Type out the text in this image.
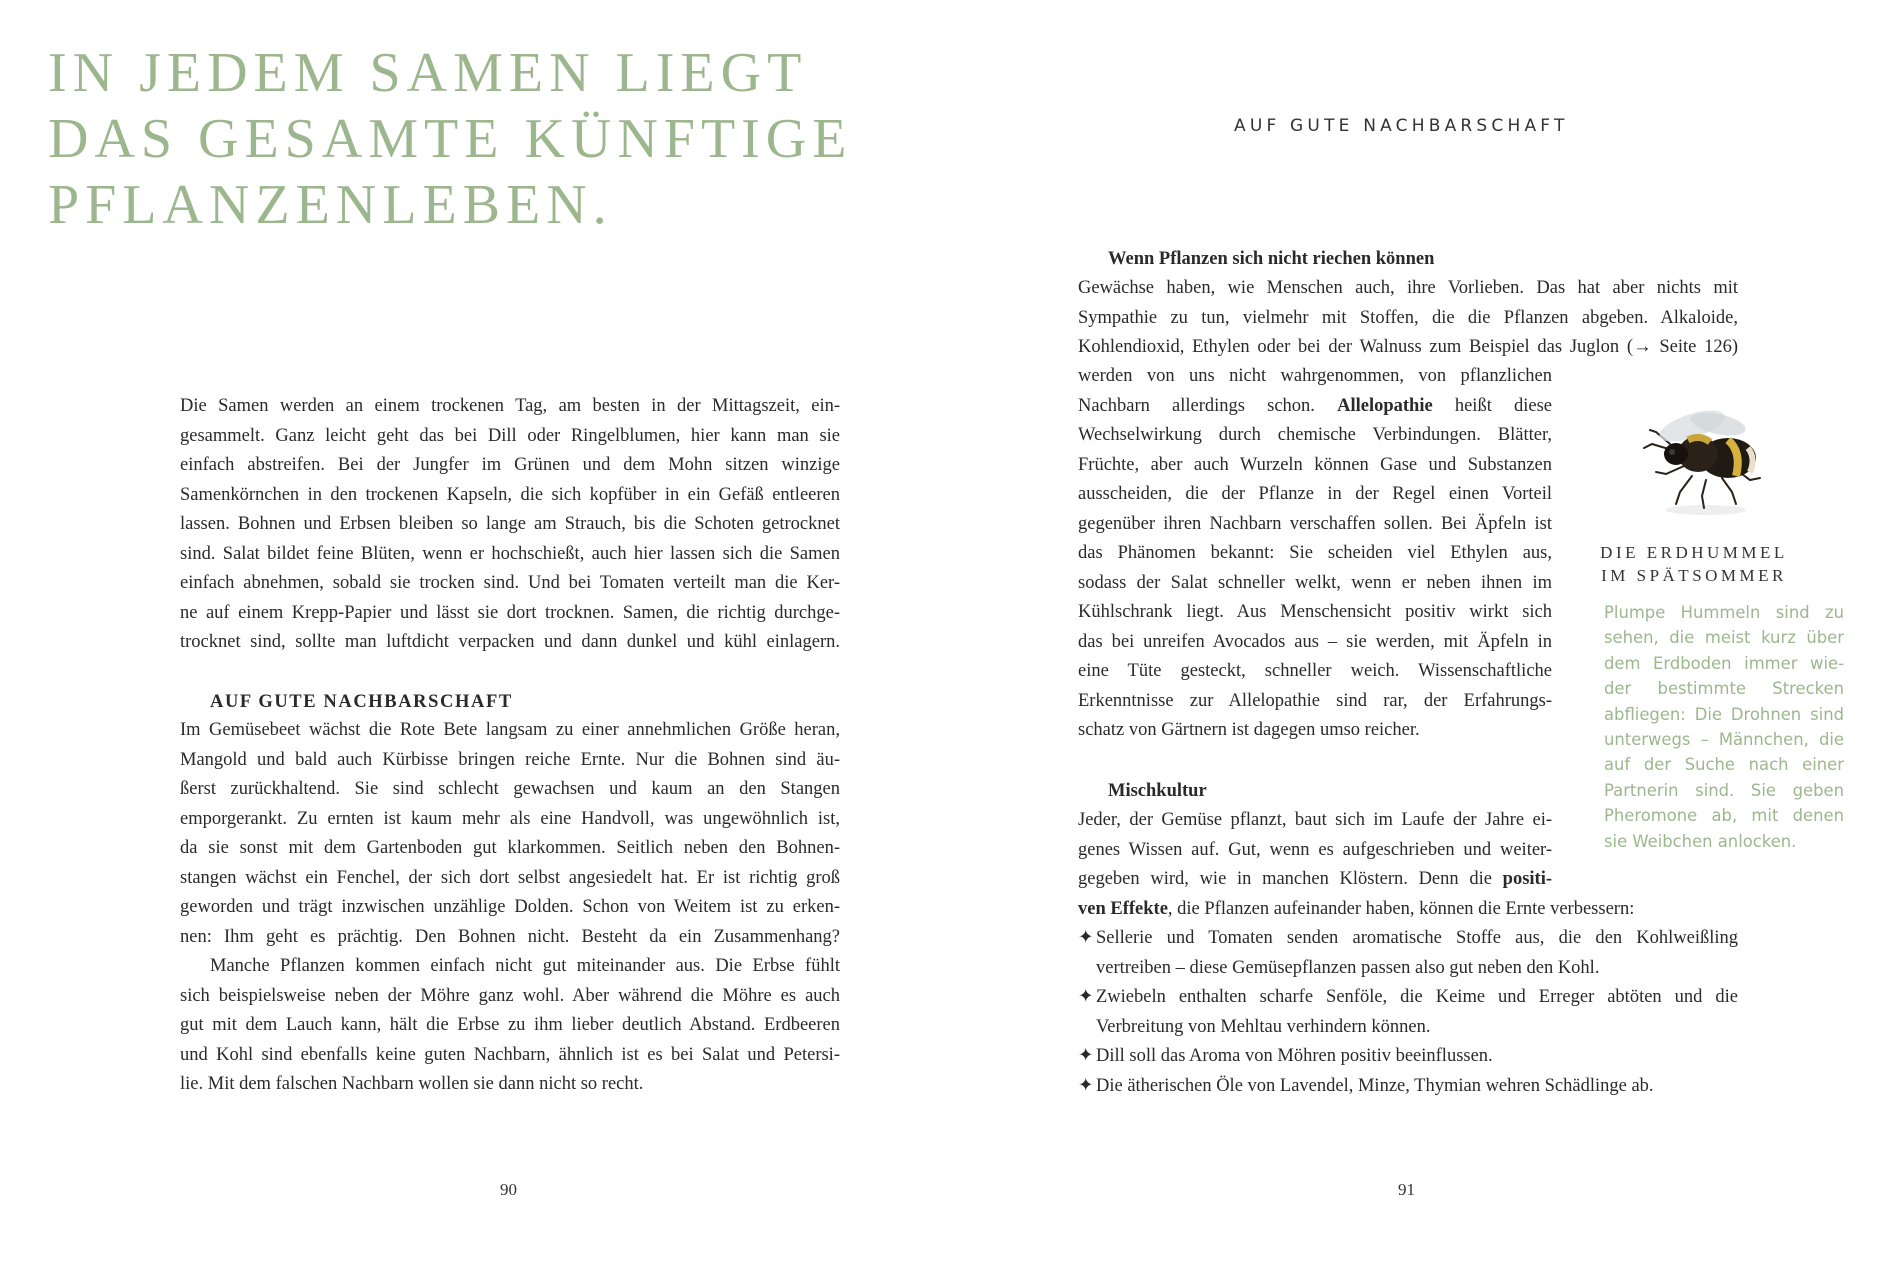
IN JEDEM SAMEN LIEGT
DAS GESAMTE KÜNFTIGE
PFLANZENLEBEN.
Die Samen werden an einem trockenen Tag, am besten in der Mittagszeit, ein-
gesammelt. Ganz leicht geht das bei Dill oder Ringelblumen, hier kann man sie
einfach abstreifen. Bei der Jungfer im Grünen und dem Mohn sitzen winzige
Samenkörnchen in den trockenen Kapseln, die sich kopfüber in ein Gefäß entleeren
lassen. Bohnen und Erbsen bleiben so lange am Strauch, bis die Schoten getrocknet
sind. Salat bildet feine Blüten, wenn er hochschießt, auch hier lassen sich die Samen
einfach abnehmen, sobald sie trocken sind. Und bei Tomaten verteilt man die Ker-
ne auf einem Krepp-Papier und lässt sie dort trocknen. Samen, die richtig durchge-
trocknet sind, sollte man luftdicht verpacken und dann dunkel und kühl einlagern.
AUF GUTE NACHBARSCHAFT
Im Gemüsebeet wächst die Rote Bete langsam zu einer annehmlichen Größe heran,
Mangold und bald auch Kürbisse bringen reiche Ernte. Nur die Bohnen sind äu-
ßerst zurückhaltend. Sie sind schlecht gewachsen und kaum an den Stangen
emporgerankt. Zu ernten ist kaum mehr als eine Handvoll, was ungewöhnlich ist,
da sie sonst mit dem Gartenboden gut klarkommen. Seitlich neben den Bohnen-
stangen wächst ein Fenchel, der sich dort selbst angesiedelt hat. Er ist richtig groß
geworden und trägt inzwischen unzählige Dolden. Schon von Weitem ist zu erken-
nen: Ihm geht es prächtig. Den Bohnen nicht. Besteht da ein Zusammenhang?
Manche Pflanzen kommen einfach nicht gut miteinander aus. Die Erbse fühlt
sich beispielsweise neben der Möhre ganz wohl. Aber während die Möhre es auch
gut mit dem Lauch kann, hält die Erbse zu ihm lieber deutlich Abstand. Erdbeeren
und Kohl sind ebenfalls keine guten Nachbarn, ähnlich ist es bei Salat und Petersi-
lie. Mit dem falschen Nachbarn wollen sie dann nicht so recht.
90
AUF GUTE NACHBARSCHAFT
Wenn Pflanzen sich nicht riechen können
Gewächse haben, wie Menschen auch, ihre Vorlieben. Das hat aber nichts mit
Sympathie zu tun, vielmehr mit Stoffen, die die Pflanzen abgeben. Alkaloide,
Kohlendioxid, Ethylen oder bei der Walnuss zum Beispiel das Juglon (→ Seite 126)
werden von uns nicht wahrgenommen, von pflanzlichen
Nachbarn allerdings schon. Allelopathie heißt diese
Wechselwirkung durch chemische Verbindungen. Blätter,
Früchte, aber auch Wurzeln können Gase und Substanzen
ausscheiden, die der Pflanze in der Regel einen Vorteil
gegenüber ihren Nachbarn verschaffen sollen. Bei Äpfeln ist
das Phänomen bekannt: Sie scheiden viel Ethylen aus,
sodass der Salat schneller welkt, wenn er neben ihnen im
Kühlschrank liegt. Aus Menschensicht positiv wirkt sich
das bei unreifen Avocados aus – sie werden, mit Äpfeln in
eine Tüte gesteckt, schneller weich. Wissenschaftliche
Erkenntnisse zur Allelopathie sind rar, der Erfahrungs-
schatz von Gärtnern ist dagegen umso reicher.
Mischkultur
Jeder, der Gemüse pflanzt, baut sich im Laufe der Jahre ei-
genes Wissen auf. Gut, wenn es aufgeschrieben und weiter-
gegeben wird, wie in manchen Klöstern. Denn die positi-
ven Effekte, die Pflanzen aufeinander haben, können die Ernte verbessern:
✦ Sellerie und Tomaten senden aromatische Stoffe aus, die den Kohlweißling
vertreiben – diese Gemüsepflanzen passen also gut neben den Kohl.
✦ Zwiebeln enthalten scharfe Senföle, die Keime und Erreger abtöten und die
Verbreitung von Mehltau verhindern können.
✦ Dill soll das Aroma von Möhren positiv beeinflussen.
✦ Die ätherischen Öle von Lavendel, Minze, Thymian wehren Schädlinge ab.
DIE ERDHUMMEL
IM SPÄTSOMMER
Plumpe Hummeln sind zu
sehen, die meist kurz über
dem Erdboden immer wie-
der bestimmte Strecken
abfliegen: Die Drohnen sind
unterwegs – Männchen, die
auf der Suche nach einer
Partnerin sind. Sie geben
Pheromone ab, mit denen
sie Weibchen anlocken.
91
